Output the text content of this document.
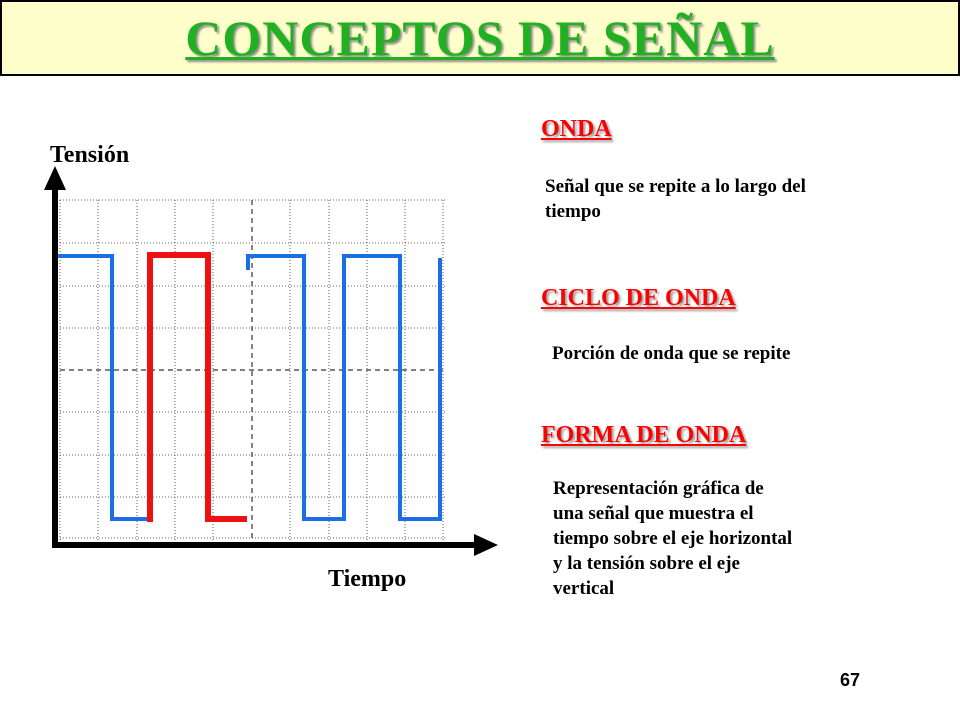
CONCEPTOS DE SEÑAL
Tensión
Tiempo
ONDA
Señal que se repite a lo largo del
tiempo
CICLO DE ONDA
Porción de onda que se repite
FORMA DE ONDA
Representación gráfica de
una señal que muestra el
tiempo sobre el eje horizontal
y la tensión sobre el eje
vertical
67
